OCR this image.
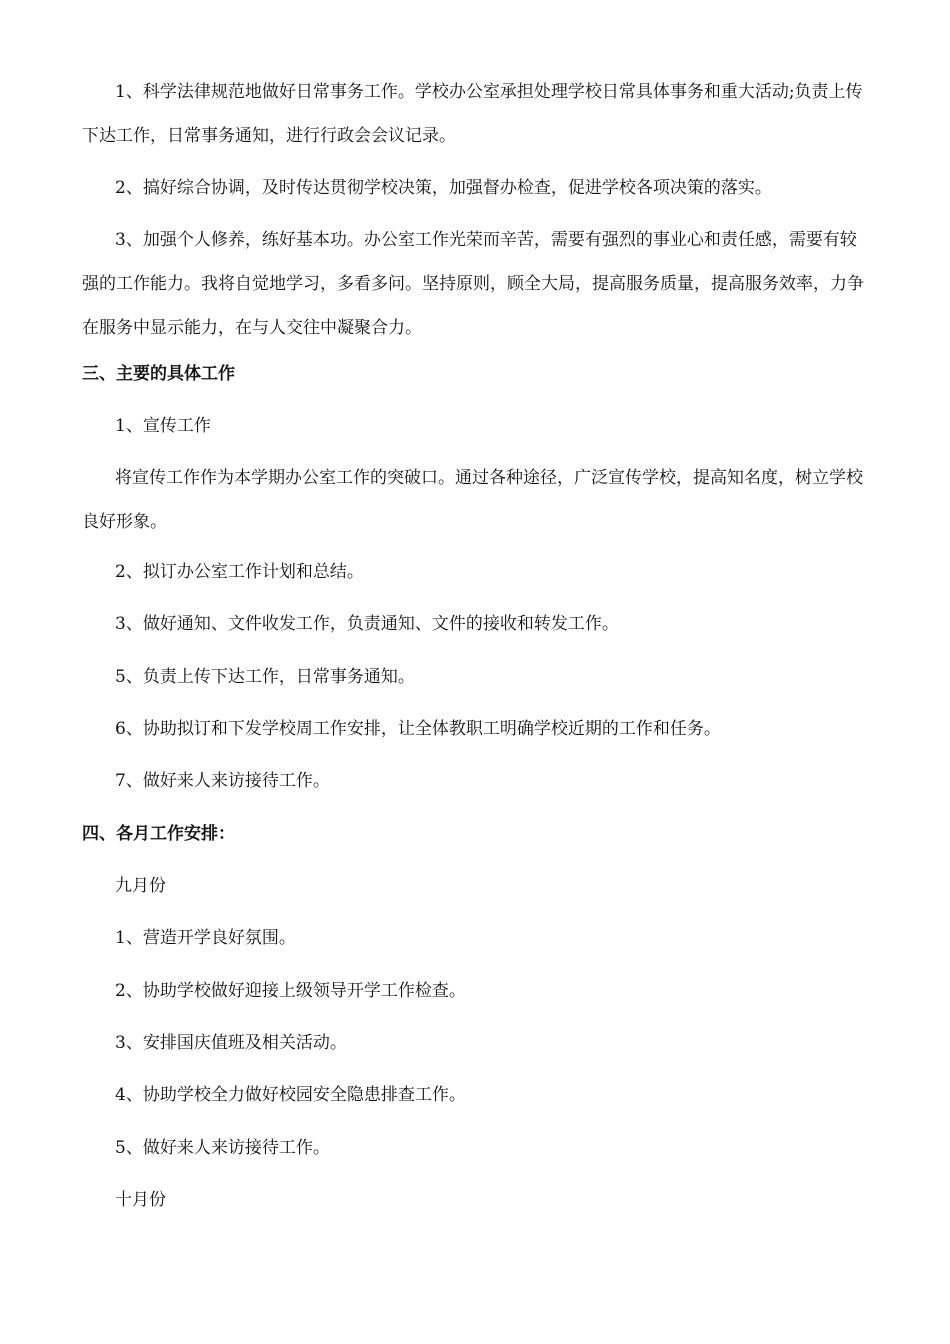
1、科学法律规范地做好日常事务工作。学校办公室承担处理学校日常具体事务和重大活动;负责上传下达工作，日常事务通知，进行行政会会议记录。

2、搞好综合协调，及时传达贯彻学校决策，加强督办检查，促进学校各项决策的落实。

3、加强个人修养，练好基本功。办公室工作光荣而辛苦，需要有强烈的事业心和责任感，需要有较强的工作能力。我将自觉地学习，多看多问。坚持原则，顾全大局，提高服务质量，提高服务效率，力争在服务中显示能力，在与人交往中凝聚合力。

三、主要的具体工作

1、宣传工作

将宣传工作作为本学期办公室工作的突破口。通过各种途径，广泛宣传学校，提高知名度，树立学校良好形象。

2、拟订办公室工作计划和总结。

3、做好通知、文件收发工作，负责通知、文件的接收和转发工作。

5、负责上传下达工作，日常事务通知。

6、协助拟订和下发学校周工作安排，让全体教职工明确学校近期的工作和任务。

7、做好来人来访接待工作。

四、各月工作安排：

九月份

1、营造开学良好氛围。

2、协助学校做好迎接上级领导开学工作检查。

3、安排国庆值班及相关活动。

4、协助学校全力做好校园安全隐患排查工作。

5、做好来人来访接待工作。

十月份
